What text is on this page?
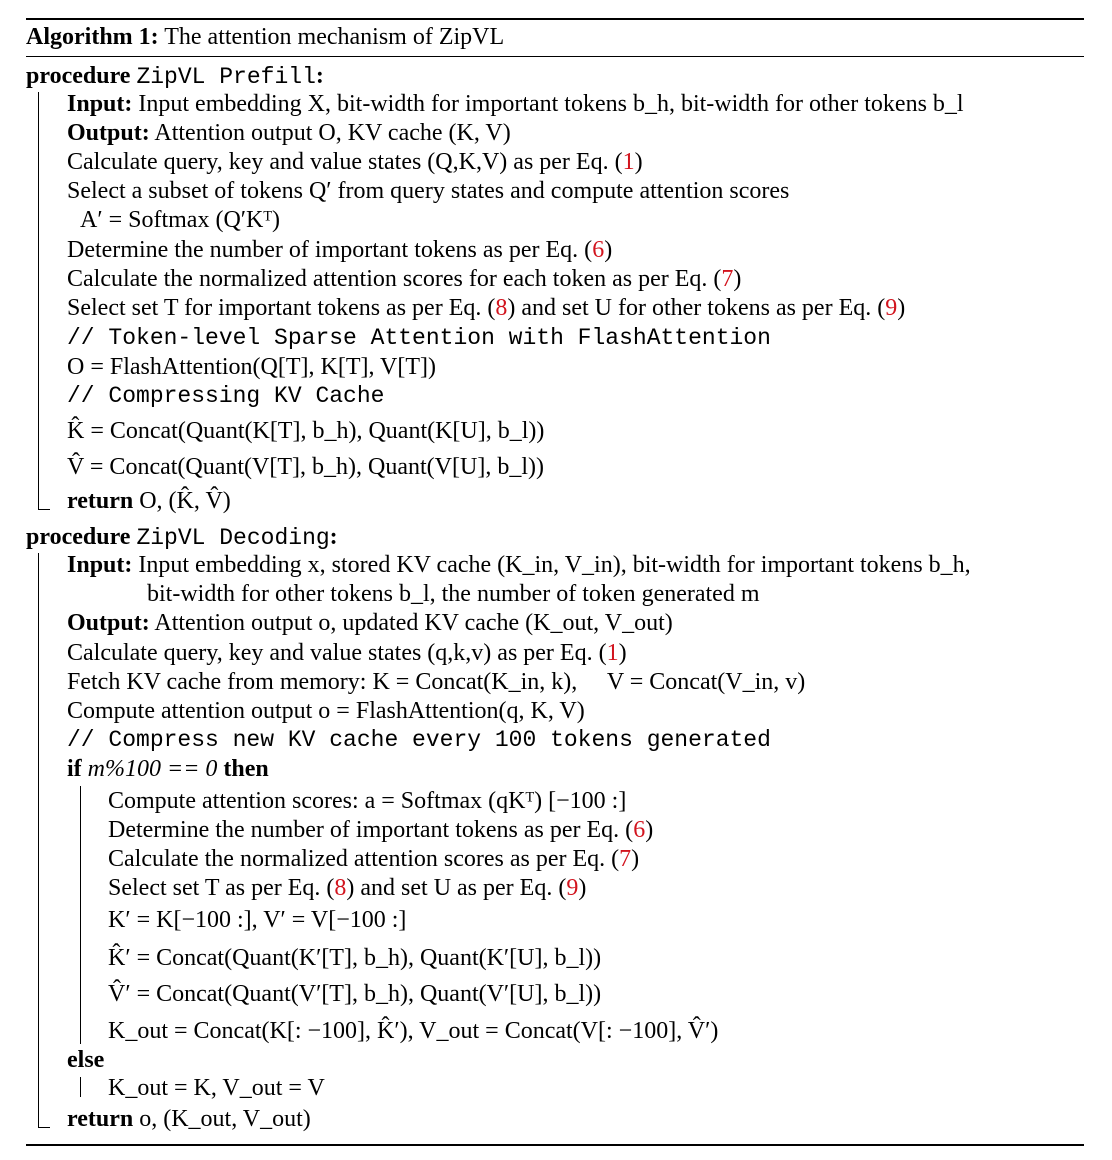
Algorithm 1: The attention mechanism of ZipVL
procedure ZipVL Prefill:
Input: Input embedding X, bit-width for important tokens b_h, bit-width for other tokens b_l
Output: Attention output O, KV cache (K, V)
Calculate query, key and value states (Q,K,V) as per Eq. (1)
Select a subset of tokens Q′ from query states and compute attention scores
A′ = Softmax (Q′Kᵀ)
Determine the number of important tokens as per Eq. (6)
Calculate the normalized attention scores for each token as per Eq. (7)
Select set T for important tokens as per Eq. (8) and set U for other tokens as per Eq. (9)
// Token-level Sparse Attention with FlashAttention
O = FlashAttention(Q[T], K[T], V[T])
// Compressing KV Cache
K̂ = Concat(Quant(K[T], b_h), Quant(K[U], b_l))
V̂ = Concat(Quant(V[T], b_h), Quant(V[U], b_l))
return O, (K̂, V̂)
procedure ZipVL Decoding:
Input: Input embedding x, stored KV cache (K_in, V_in), bit-width for important tokens b_h,
bit-width for other tokens b_l, the number of token generated m
Output: Attention output o, updated KV cache (K_out, V_out)
Calculate query, key and value states (q,k,v) as per Eq. (1)
Fetch KV cache from memory: K = Concat(K_in, k),     V = Concat(V_in, v)
Compute attention output o = FlashAttention(q, K, V)
// Compress new KV cache every 100 tokens generated
if m%100 == 0 then
Compute attention scores: a = Softmax (qKᵀ) [−100 :]
Determine the number of important tokens as per Eq. (6)
Calculate the normalized attention scores as per Eq. (7)
Select set T as per Eq. (8) and set U as per Eq. (9)
K′ = K[−100 :], V′ = V[−100 :]
K̂′ = Concat(Quant(K′[T], b_h), Quant(K′[U], b_l))
V̂′ = Concat(Quant(V′[T], b_h), Quant(V′[U], b_l))
K_out = Concat(K[: −100], K̂′), V_out = Concat(V[: −100], V̂′)
else
K_out = K, V_out = V
return o, (K_out, V_out)
